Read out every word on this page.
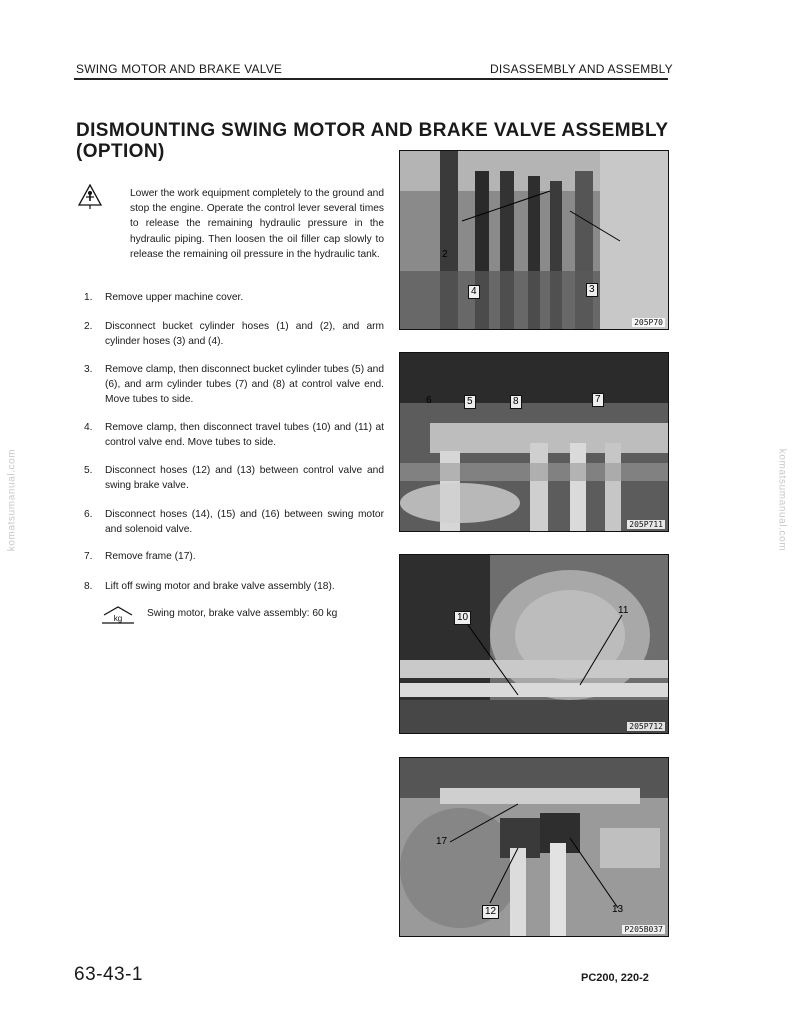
komatsumanual.com	komatsumanual.com
SWING MOTOR AND BRAKE VALVE	DISASSEMBLY AND ASSEMBLY
DISMOUNTING SWING MOTOR AND BRAKE VALVE ASSEMBLY
(OPTION)
Lower the work equipment completely to the ground and stop the engine. Operate the control lever several times to release the remaining hydraulic pressure in the hydraulic piping. Then loosen the oil filler cap slowly to release the remaining oil pressure in the hydraulic tank.
1.	Remove upper machine cover.
2.	Disconnect bucket cylinder hoses (1) and (2), and arm cylinder hoses (3) and (4).
3.	Remove clamp, then disconnect bucket cylinder tubes (5) and (6), and arm cylinder tubes (7) and (8) at control valve end. Move tubes to side.
4.	Remove clamp, then disconnect travel tubes (10) and (11) at control valve end. Move tubes to side.
5.	Disconnect hoses (12) and (13) between control valve and swing brake valve.
6.	Disconnect hoses (14), (15) and (16) between swing motor and solenoid valve.
7.	Remove frame (17).
8.	Lift off swing motor and brake valve assembly (18).
kg Swing motor, brake valve assembly: 60 kg
2
3
4
205P70
6	5	8	7
205P711
10
11
205P712
17
12	13
P205B037
63-43-1	PC200, 220-2
